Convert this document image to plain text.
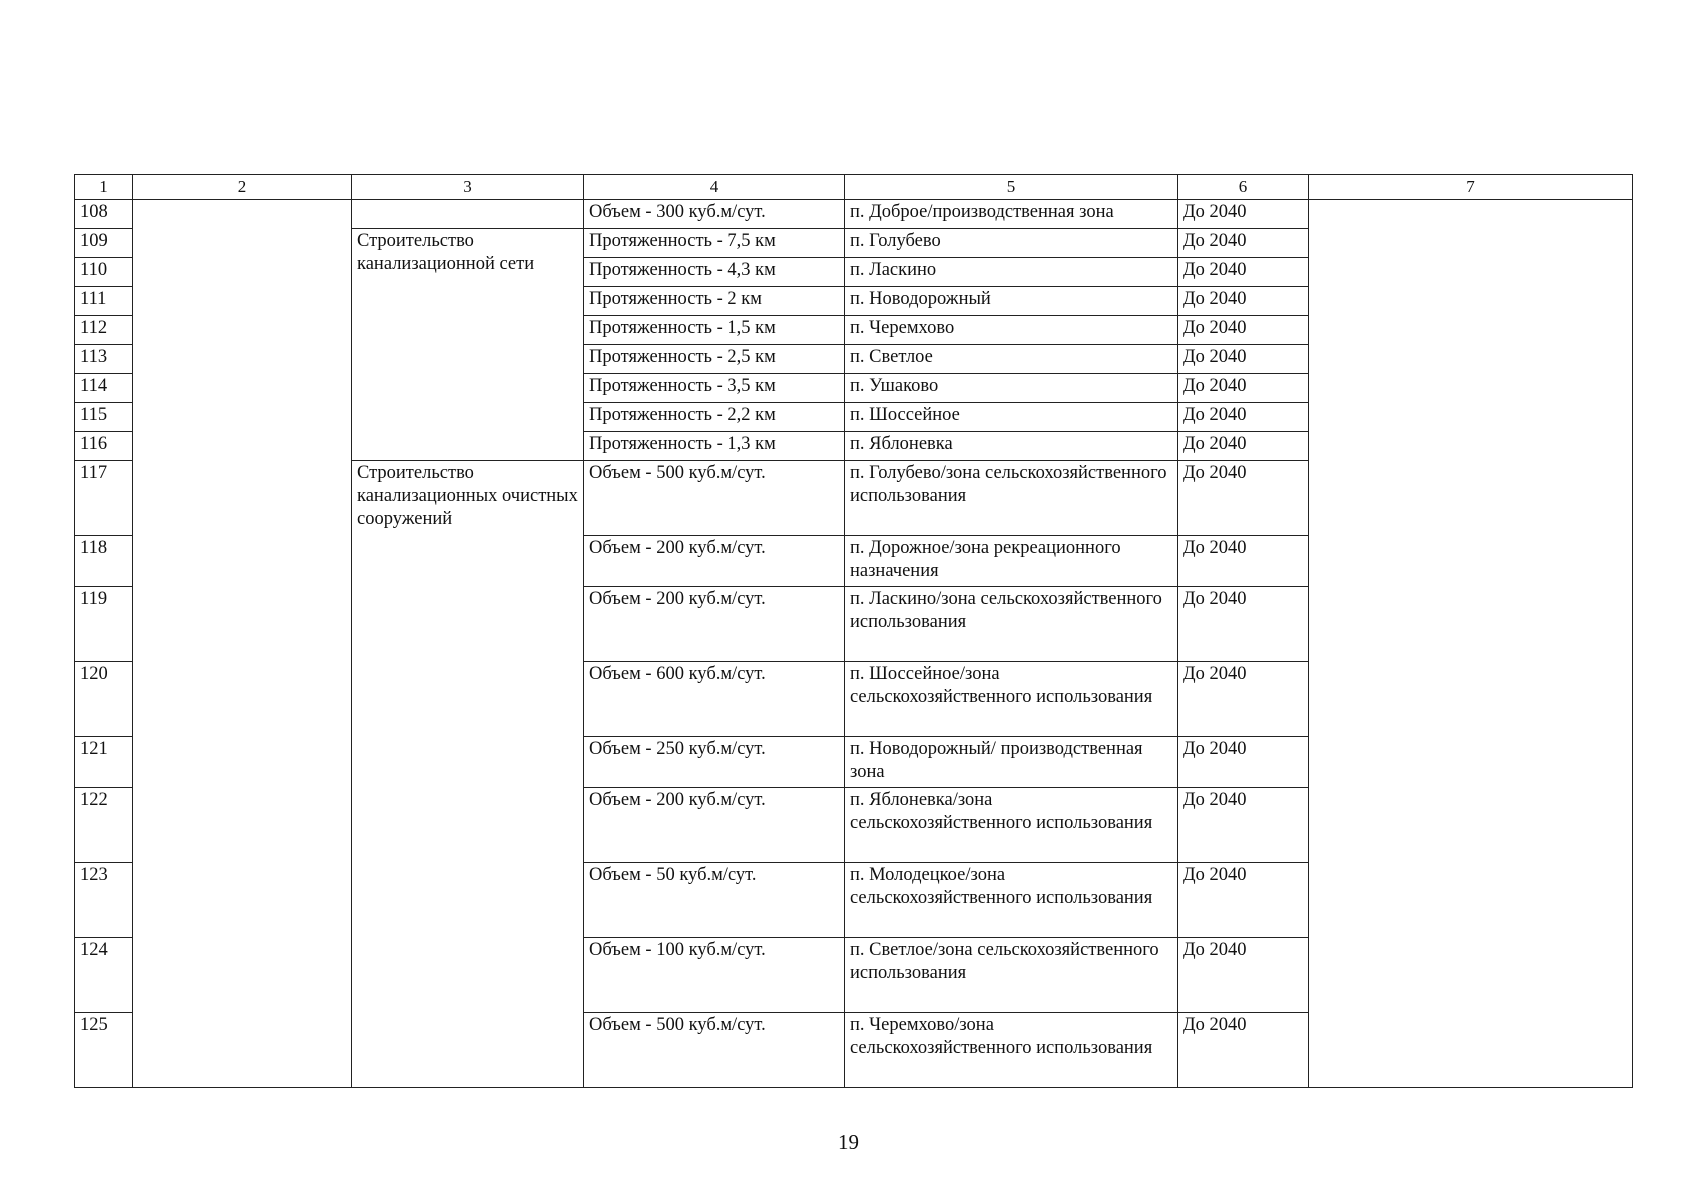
1	2	3	4	5	6	7
108			Объем - 300 куб.м/сут.	п. Доброе/производственная зона	До 2040	
109		Строительство канализационной сети	Протяженность - 7,5 км	п. Голубево	До 2040	
110			Протяженность - 4,3 км	п. Ласкино	До 2040	
111			Протяженность - 2 км	п. Новодорожный	До 2040	
112			Протяженность - 1,5 км	п. Черемхово	До 2040	
113			Протяженность - 2,5 км	п. Светлое	До 2040	
114			Протяженность - 3,5 км	п. Ушаково	До 2040	
115			Протяженность - 2,2 км	п. Шоссейное	До 2040	
116			Протяженность - 1,3 км	п. Яблоневка	До 2040	
117		Строительство канализационных очистных сооружений	Объем - 500 куб.м/сут.	п. Голубево/зона сельскохозяйственного использования	До 2040	
118			Объем - 200 куб.м/сут.	п. Дорожное/зона рекреационного назначения	До 2040	
119			Объем - 200 куб.м/сут.	п. Ласкино/зона сельскохозяйственного использования	До 2040	
120			Объем - 600 куб.м/сут.	п. Шоссейное/зона сельскохозяйственного использования	До 2040	
121			Объем - 250 куб.м/сут.	п. Новодорожный/ производственная зона	До 2040	
122			Объем - 200 куб.м/сут.	п. Яблоневка/зона сельскохозяйственного использования	До 2040	
123			Объем - 50 куб.м/сут.	п. Молодецкое/зона сельскохозяйственного использования	До 2040	
124			Объем - 100 куб.м/сут.	п. Светлое/зона сельскохозяйственного использования	До 2040	
125			Объем - 500 куб.м/сут.	п. Черемхово/зона сельскохозяйственного использования	До 2040	
19
